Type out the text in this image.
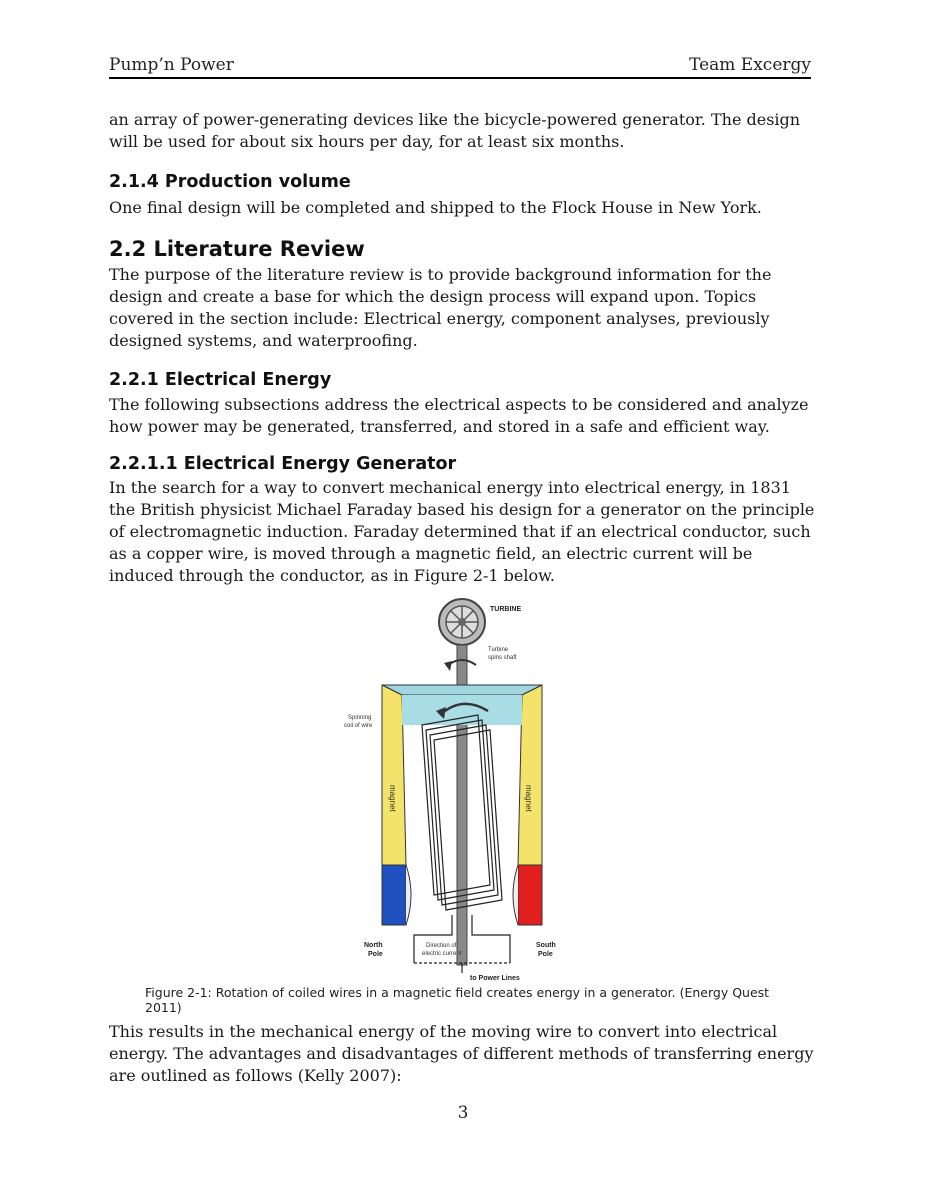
Pump’n Power	Team Excergy
an array of power-generating devices like the bicycle-powered generator. The design will be used for about six hours per day, for at least six months.
2.1.4 Production volume
One final design will be completed and shipped to the Flock House in New York.
2.2 Literature Review
The purpose of the literature review is to provide background information for the design and create a base for which the design process will expand upon. Topics covered in the section include: Electrical energy, component analyses, previously designed systems, and waterproofing.
2.2.1 Electrical Energy
The following subsections address the electrical aspects to be considered and analyze how power may be generated, transferred, and stored in a safe and efficient way.
2.2.1.1 Electrical Energy Generator
In the search for a way to convert mechanical energy into electrical energy, in 1831 the British physicist Michael Faraday based his design for a generator on the principle of electromagnetic induction. Faraday determined that if an electrical conductor, such as a copper wire, is moved through a magnetic field, an electric current will be induced through the conductor, as in Figure 2-1 below.
TURBINE
Turbine
spins shaft
Spinning
coil of wire
magnet	magnet
North
Pole
South
Pole
Direction of
electric current
to Power Lines
Figure 2-1: Rotation of coiled wires in a magnetic field creates energy in a generator. (Energy Quest 2011)
This results in the mechanical energy of the moving wire to convert into electrical energy. The advantages and disadvantages of different methods of transferring energy are outlined as follows (Kelly 2007):
3
